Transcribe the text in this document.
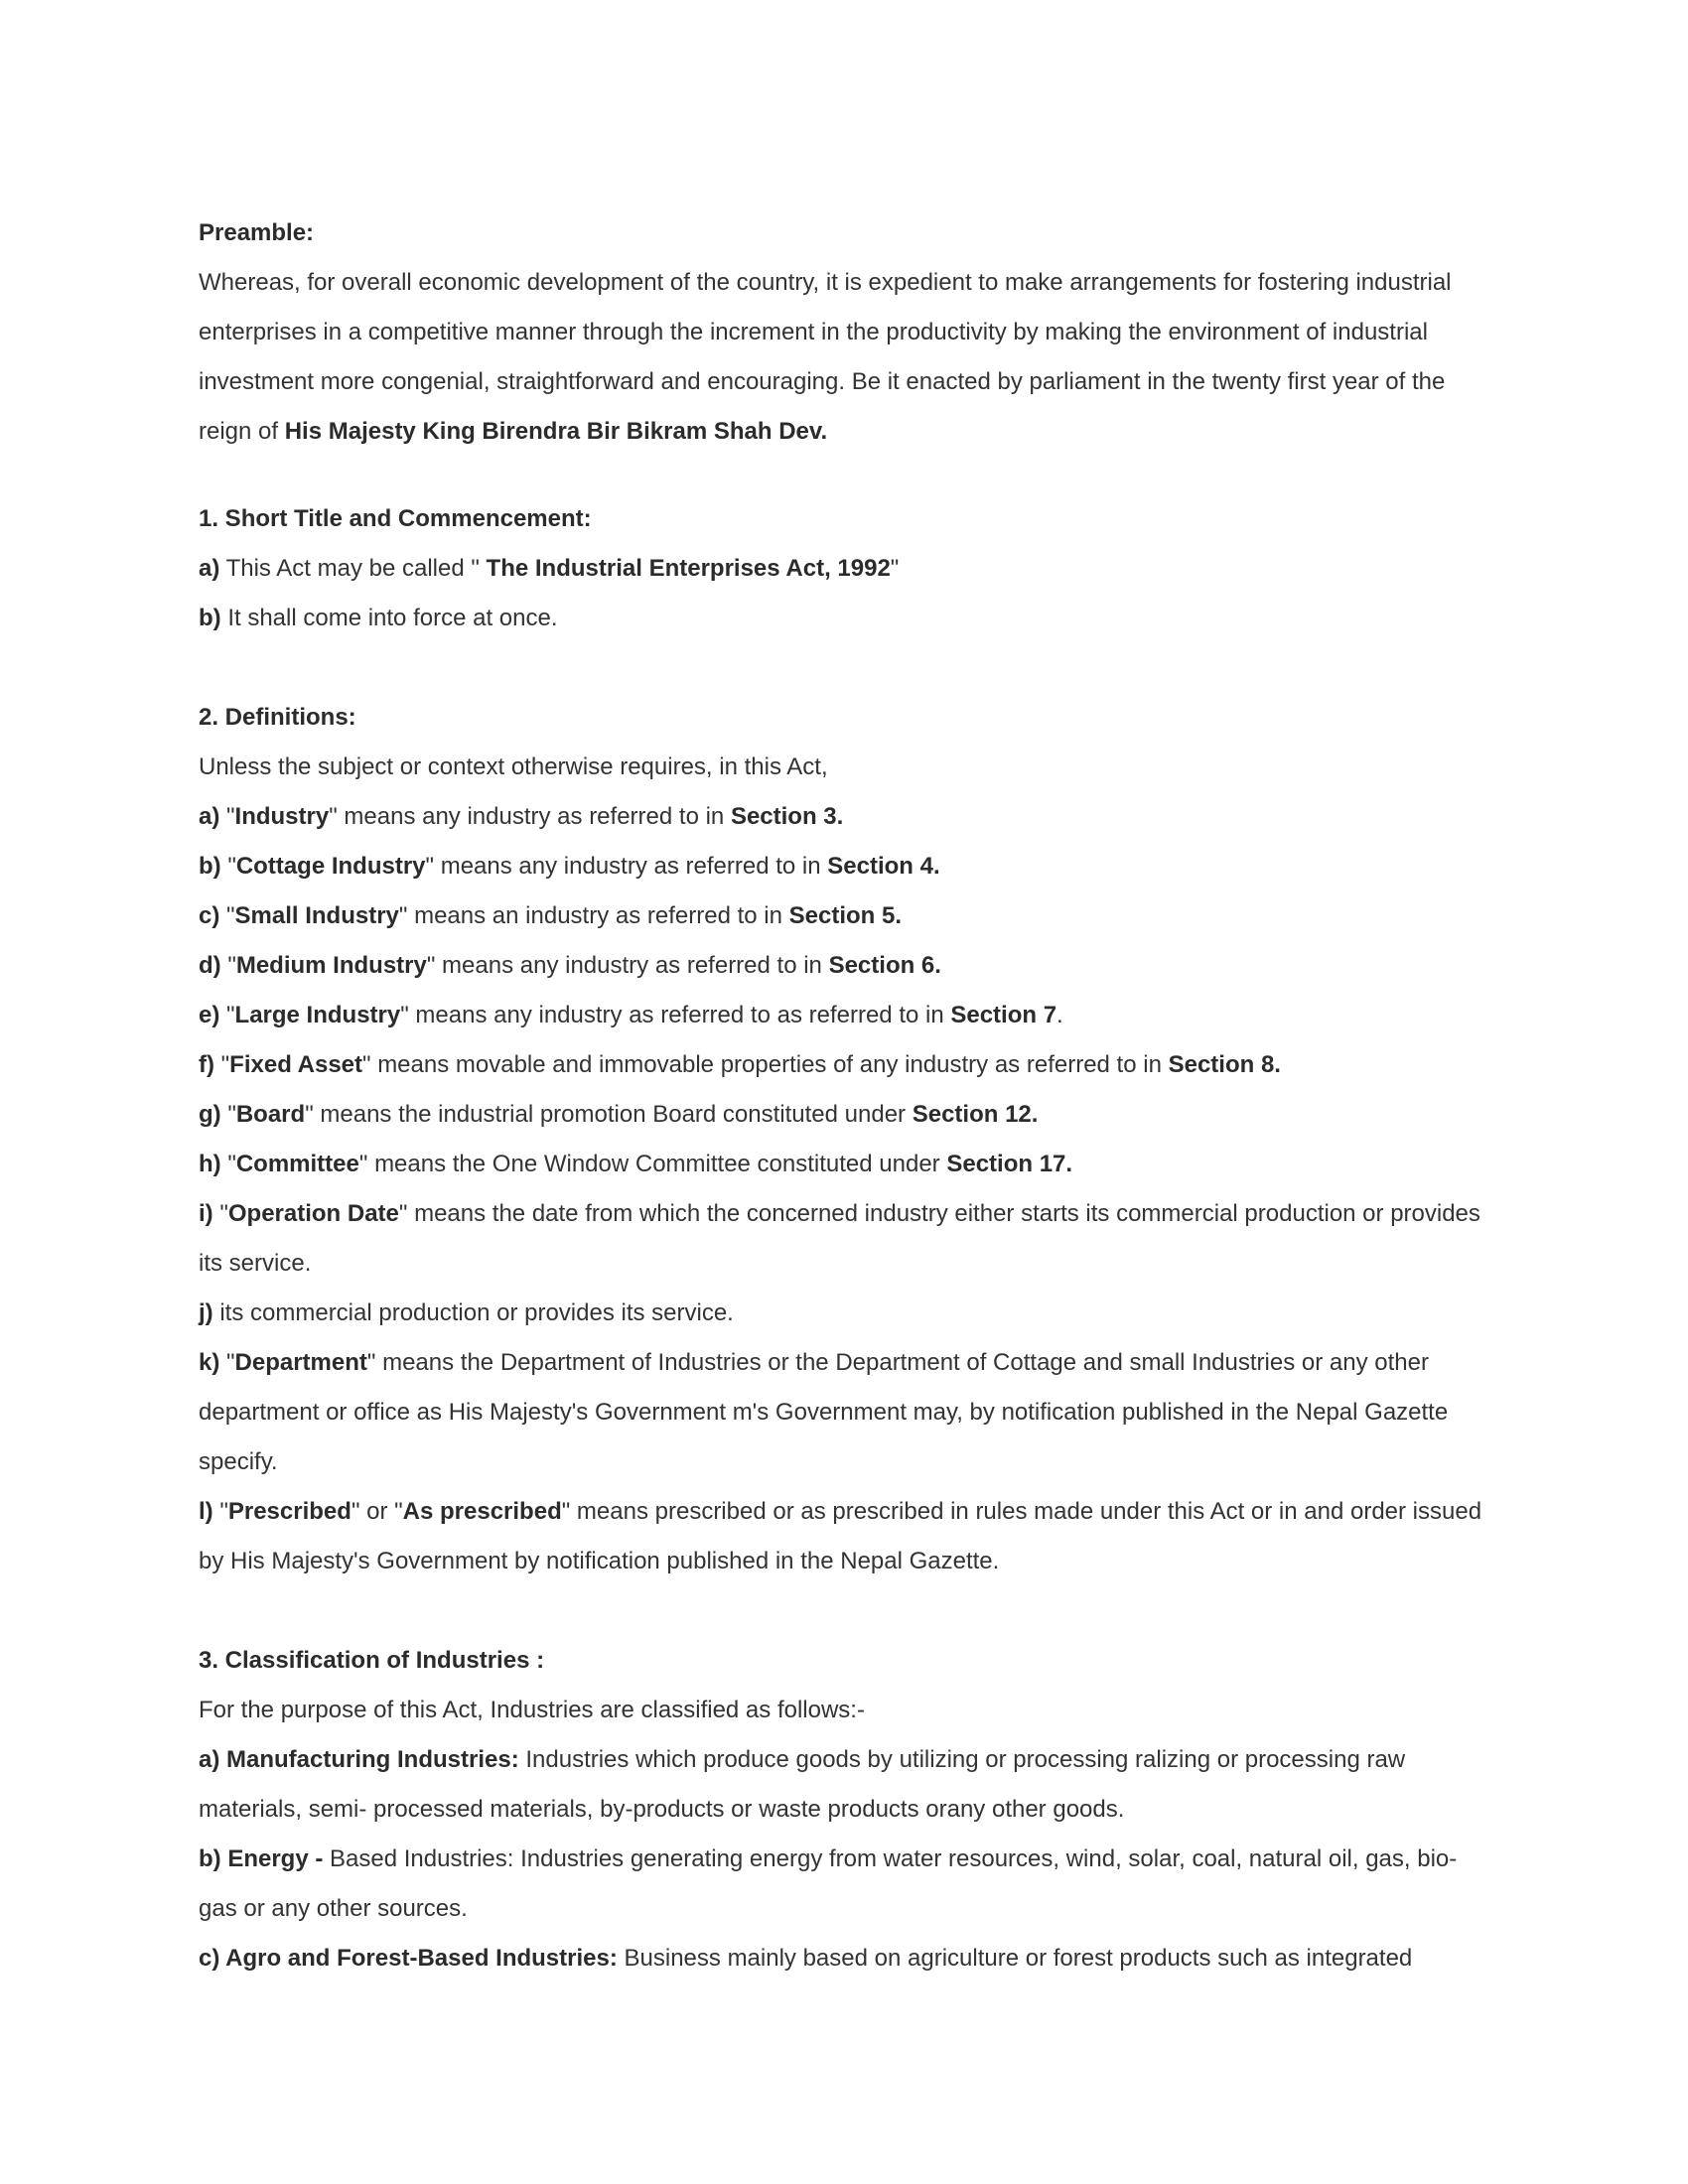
Preamble:

Whereas, for overall economic development of the country, it is expedient to make arrangements for fostering industrial enterprises in a competitive manner through the increment in the productivity by making the environment of industrial investment more congenial, straightforward and encouraging. Be it enacted by parliament in the twenty first year of the reign of His Majesty King Birendra Bir Bikram Shah Dev.

1. Short Title and Commencement:

a) This Act may be called " The Industrial Enterprises Act, 1992"

b) It shall come into force at once.

2. Definitions:

Unless the subject or context otherwise requires, in this Act,

a) "Industry" means any industry as referred to in Section 3.

b) "Cottage Industry" means any industry as referred to in Section 4.

c) "Small Industry" means an industry as referred to in Section 5.

d) "Medium Industry" means any industry as referred to in Section 6.

e) "Large Industry" means any industry as referred to as referred to in Section 7.

f) "Fixed Asset" means movable and immovable properties of any industry as referred to in Section 8.

g) "Board" means the industrial promotion Board constituted under Section 12.

h) "Committee" means the One Window Committee constituted under Section 17.

i) "Operation Date" means the date from which the concerned industry either starts its commercial production or provides its service.

j) its commercial production or provides its service.

k) "Department" means the Department of Industries or the Department of Cottage and small Industries or any other department or office as His Majesty's Government m's Government may, by notification published in the Nepal Gazette specify.

l) "Prescribed" or "As prescribed" means prescribed or as prescribed in rules made under this Act or in and order issued by His Majesty's Government by notification published in the Nepal Gazette.

3. Classification of Industries :

For the purpose of this Act, Industries are classified as follows:-

a) Manufacturing Industries: Industries which produce goods by utilizing or processing ralizing or processing raw materials, semi- processed materials, by-products or waste products orany other goods.

b) Energy - Based Industries: Industries generating energy from water resources, wind, solar, coal, natural oil, gas, bio-gas or any other sources.

c) Agro and Forest-Based Industries: Business mainly based on agriculture or forest products such as integrated
